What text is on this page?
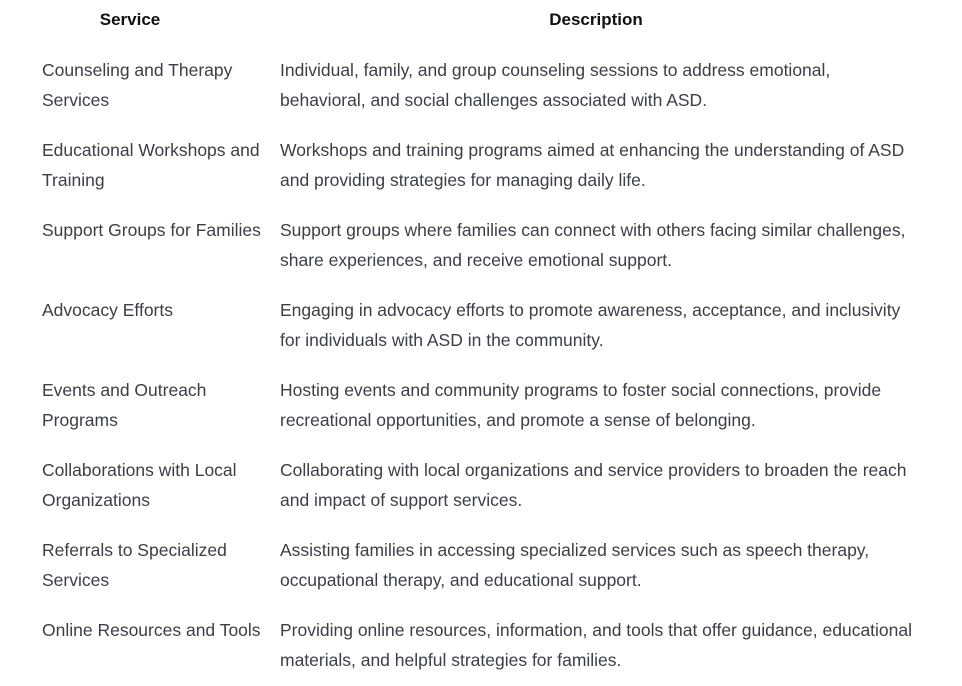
Service	Description
Counseling and Therapy Services	Individual, family, and group counseling sessions to address emotional, behavioral, and social challenges associated with ASD.
Educational Workshops and Training	Workshops and training programs aimed at enhancing the understanding of ASD and providing strategies for managing daily life.
Support Groups for Families	Support groups where families can connect with others facing similar challenges, share experiences, and receive emotional support.
Advocacy Efforts	Engaging in advocacy efforts to promote awareness, acceptance, and inclusivity for individuals with ASD in the community.
Events and Outreach Programs	Hosting events and community programs to foster social connections, provide recreational opportunities, and promote a sense of belonging.
Collaborations with Local Organizations	Collaborating with local organizations and service providers to broaden the reach and impact of support services.
Referrals to Specialized Services	Assisting families in accessing specialized services such as speech therapy, occupational therapy, and educational support.
Online Resources and Tools	Providing online resources, information, and tools that offer guidance, educational materials, and helpful strategies for families.
